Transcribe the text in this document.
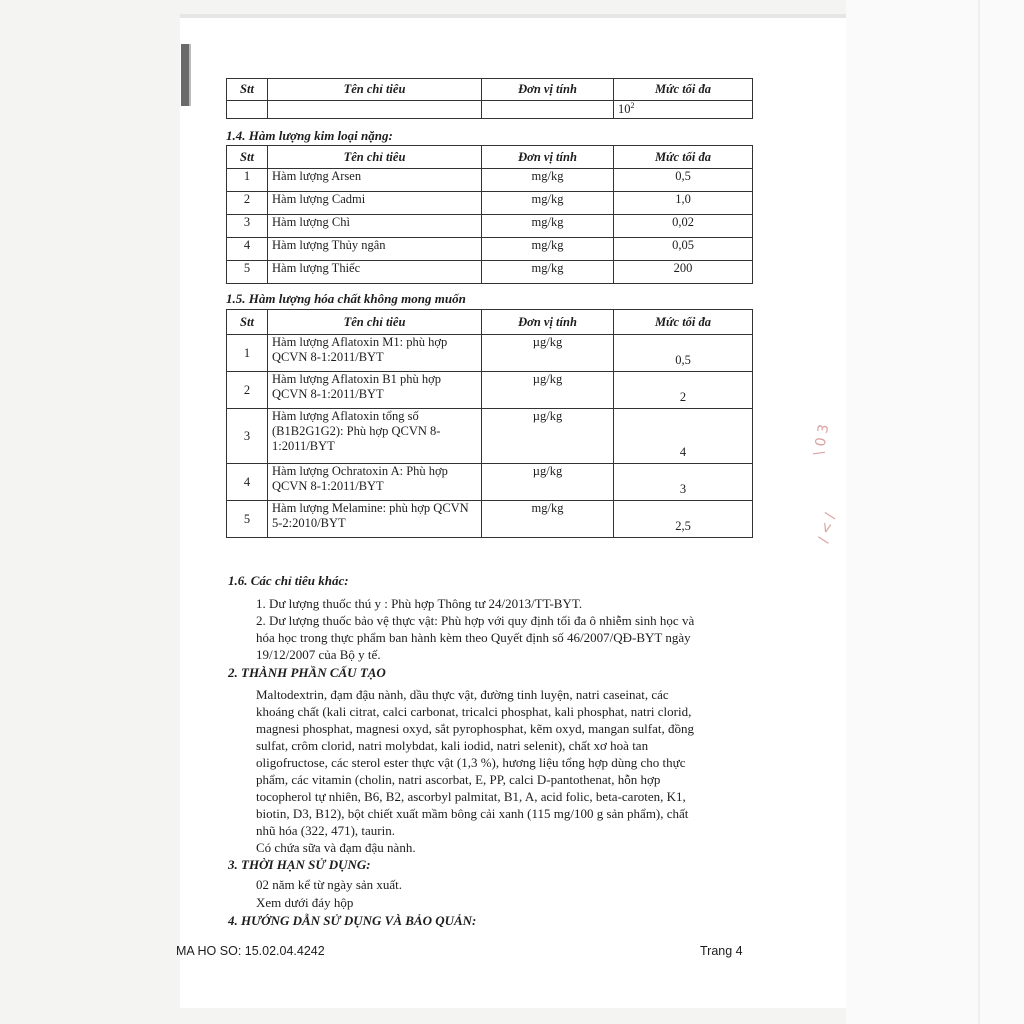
\ 0 3
/ < /
Stt	Tên chỉ tiêu	Đơn vị tính	Mức tối đa
			$10^2$
1.4. Hàm lượng kim loại nặng:
Stt	Tên chỉ tiêu	Đơn vị tính	Mức tối đa
1	Hàm lượng Arsen	mg/kg	0,5
2	Hàm lượng Cadmi	mg/kg	1,0
3	Hàm lượng Chì	mg/kg	0,02
4	Hàm lượng Thủy ngân	mg/kg	0,05
5	Hàm lượng Thiếc	mg/kg	200
1.5. Hàm lượng hóa chất không mong muốn
Stt	Tên chỉ tiêu	Đơn vị tính	Mức tối đa
1	Hàm lượng Aflatoxin M1: phù hợp QCVN 8-1:2011/BYT	µg/kg	0,5
2	Hàm lượng Aflatoxin B1 phù hợp QCVN 8-1:2011/BYT	µg/kg	2
3	Hàm lượng Aflatoxin tổng số (B1B2G1G2): Phù hợp QCVN 8-1:2011/BYT	µg/kg	4
4	Hàm lượng Ochratoxin A: Phù hợp QCVN 8-1:2011/BYT	µg/kg	3
5	Hàm lượng Melamine: phù hợp QCVN 5-2:2010/BYT	mg/kg	2,5
1.6. Các chỉ tiêu khác:
1. Dư lượng thuốc thú y : Phù hợp Thông tư 24/2013/TT-BYT.
2. Dư lượng thuốc bảo vệ thực vật: Phù hợp với quy định tối đa ô nhiễm sinh học và
hóa học trong thực phẩm ban hành kèm theo Quyết định số 46/2007/QĐ-BYT ngày
19/12/2007 của Bộ y tế.
2. THÀNH PHẦN CẤU TẠO
Maltodextrin, đạm đậu nành, dầu thực vật, đường tinh luyện, natri caseinat, các
khoáng chất (kali citrat, calci carbonat, tricalci phosphat, kali phosphat, natri clorid,
magnesi phosphat, magnesi oxyd, sắt pyrophosphat, kẽm oxyd, mangan sulfat, đồng
sulfat, crôm clorid, natri molybdat, kali iodid, natri selenit), chất xơ hoà tan
oligofructose, các sterol ester thực vật (1,3 %), hương liệu tổng hợp dùng cho thực
phẩm, các vitamin (cholin, natri ascorbat, E, PP, calci D-pantothenat, hỗn hợp
tocopherol tự nhiên, B6, B2, ascorbyl palmitat, B1, A, acid folic, beta-caroten, K1,
biotin, D3, B12), bột chiết xuất mầm bông cải xanh (115 mg/100 g sản phẩm), chất
nhũ hóa (322, 471), taurin.
Có chứa sữa và đạm đậu nành.
3. THỜI HẠN SỬ DỤNG:
02 năm kể từ ngày sản xuất.
Xem dưới đáy hộp
4. HƯỚNG DẪN SỬ DỤNG VÀ BẢO QUẢN:
MA HO SO: 15.02.04.4242	Trang 4
